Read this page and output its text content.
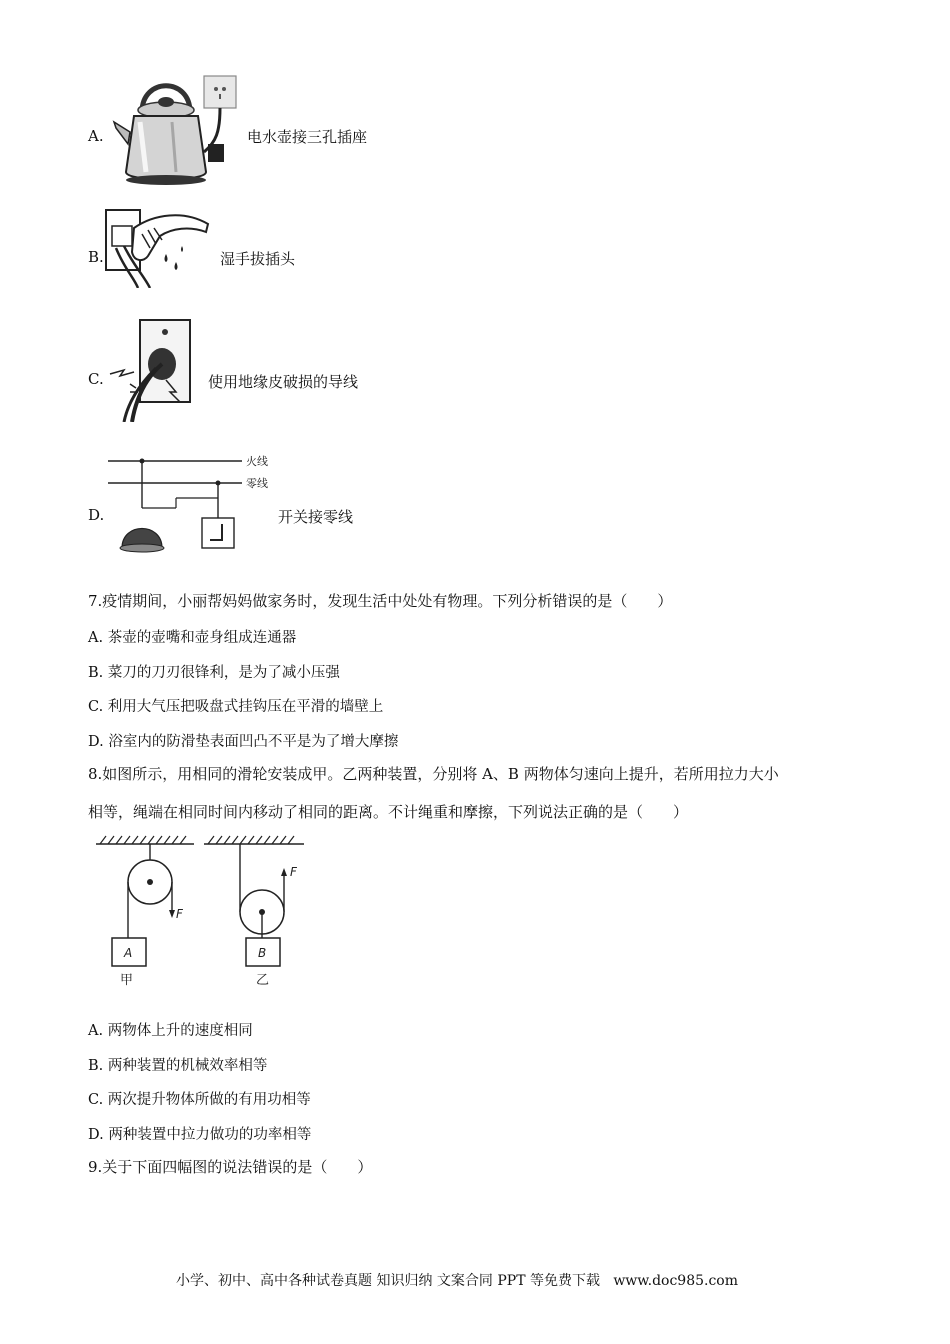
A.	电水壶接三孔插座
B.	湿手拔插头
C.	使用地缘皮破损的导线
D.
火线
零线
开关接零线
7.疫情期间，小丽帮妈妈做家务时，发现生活中处处有物理。下列分析错误的是（　　）
A. 茶壶的壶嘴和壶身组成连通器
B. 菜刀的刀刃很锋利，是为了减小压强
C. 利用大气压把吸盘式挂钩压在平滑的墙壁上
D. 浴室内的防滑垫表面凹凸不平是为了增大摩擦
8.如图所示，用相同的滑轮安装成甲。乙两种装置，分别将 A、B 两物体匀速向上提升，若所用拉力大小
相等，绳端在相同时间内移动了相同的距离。不计绳重和摩擦，下列说法正确的是（　　）
F
A
甲
F
B
乙
A. 两物体上升的速度相同
B. 两种装置的机械效率相等
C. 两次提升物体所做的有用功相等
D. 两种装置中拉力做功的功率相等
9.关于下面四幅图的说法错误的是（　　）
小学、初中、高中各种试卷真题 知识归纳 文案合同 PPT 等免费下载   www.doc985.com
